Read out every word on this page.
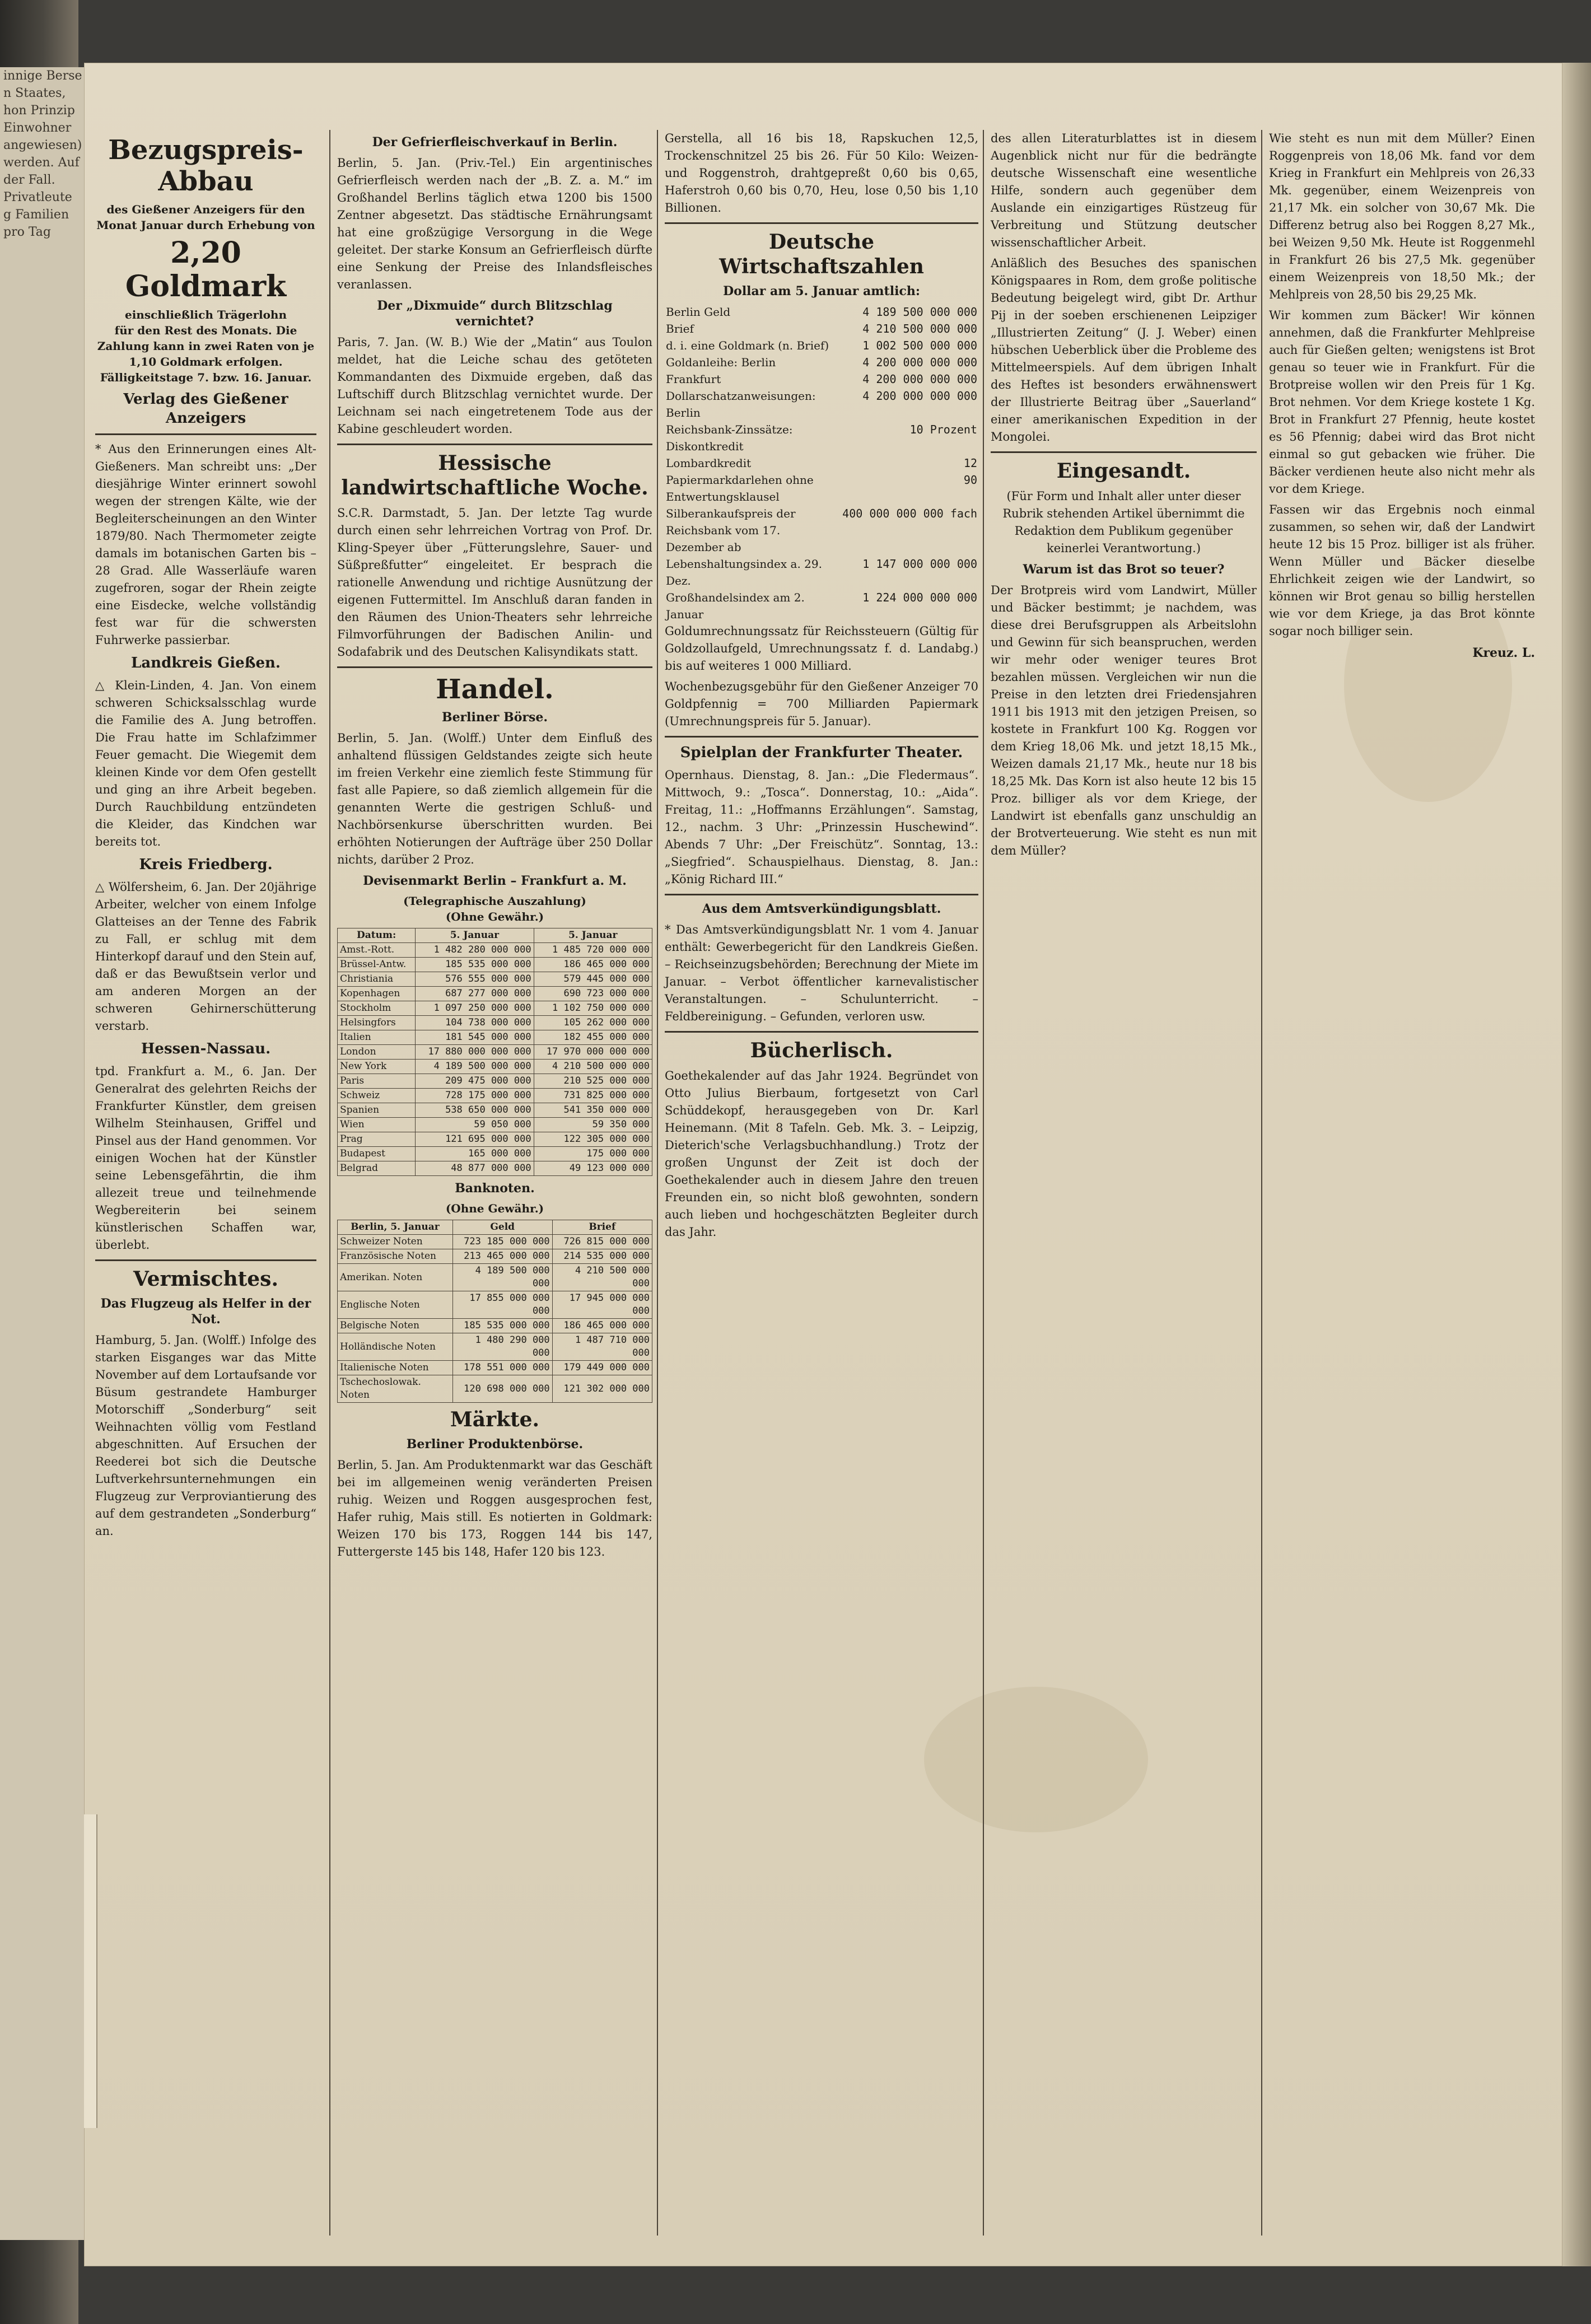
innige Berse
n Staates,
hon Prinzip
Einwohner
angewiesen)
werden. Auf
der Fall.
Privatleute
g Familien
pro Tag
Bezugspreis-Abbau
des Gießener Anzeigers für den Monat Januar durch Erhebung von
2,20 Goldmark
einschließlich Trägerlohn
für den Rest des Monats. Die Zahlung kann in zwei Raten von je 1,10 Goldmark erfolgen. Fälligkeitstage 7. bzw. 16. Januar.
Verlag des Gießener Anzeigers

* Aus den Erinnerungen eines Alt-Gießeners. Man schreibt uns: „Der diesjährige Winter erinnert sowohl wegen der strengen Kälte, wie der Begleiterscheinungen an den Winter 1879/80. Nach Thermometer zeigte damals im botanischen Garten bis – 28 Grad. Alle Wasserläufe waren zugefroren, sogar der Rhein zeigte eine Eisdecke, welche vollständig fest war für die schwersten Fuhrwerke passierbar.

Landkreis Gießen.

△ Klein-Linden, 4. Jan. Von einem schweren Schicksalsschlag wurde die Familie des A. Jung betroffen. Die Frau hatte im Schlafzimmer Feuer gemacht. Die Wiegemit dem kleinen Kinde vor dem Ofen gestellt und ging an ihre Arbeit begeben. Durch Rauchbildung entzündeten die Kleider, das Kindchen war bereits tot.

Kreis Friedberg.

△ Wölfersheim, 6. Jan. Der 20jährige Arbeiter, welcher von einem Infolge Glatteises an der Tenne des Fabrik zu Fall, er schlug mit dem Hinterkopf darauf und den Stein auf, daß er das Bewußtsein verlor und am anderen Morgen an der schweren Gehirnerschütterung verstarb.

Hessen-Nassau.

tpd. Frankfurt a. M., 6. Jan. Der Generalrat des gelehrten Reichs der Frankfurter Künstler, dem greisen Wilhelm Steinhausen, Griffel und Pinsel aus der Hand genommen. Vor einigen Wochen hat der Künstler seine Lebensgefährtin, die ihm allezeit treue und teilnehmende Wegbereiterin bei seinem künstlerischen Schaffen war, überlebt.

Vermischtes.
Das Flugzeug als Helfer in der Not.

Hamburg, 5. Jan. (Wolff.) Infolge des starken Eisganges war das Mitte November auf dem Lortaufsande vor Büsum gestrandete Hamburger Motorschiff „Sonderburg“ seit Weihnachten völlig vom Festland abgeschnitten. Auf Ersuchen der Reederei bot sich die Deutsche Luftverkehrsunternehmungen ein Flugzeug zur Verproviantierung des auf dem gestrandeten „Sonderburg“ an.

Der Gefrierfleischverkauf in Berlin.

Berlin, 5. Jan. (Priv.-Tel.) Ein argentinisches Gefrierfleisch werden nach der „B. Z. a. M.“ im Großhandel Berlins täglich etwa 1200 bis 1500 Zentner abgesetzt. Das städtische Ernährungsamt hat eine großzügige Versorgung in die Wege geleitet. Der starke Konsum an Gefrierfleisch dürfte eine Senkung der Preise des Inlandsfleisches veranlassen.

Der „Dixmuide“ durch Blitzschlag vernichtet?

Paris, 7. Jan. (W. B.) Wie der „Matin“ aus Toulon meldet, hat die Leiche schau des getöteten Kommandanten des Dixmuide ergeben, daß das Luftschiff durch Blitzschlag vernichtet wurde. Der Leichnam sei nach eingetretenem Tode aus der Kabine geschleudert worden.

Hessische landwirtschaftliche Woche.

S.C.R. Darmstadt, 5. Jan. Der letzte Tag wurde durch einen sehr lehrreichen Vortrag von Prof. Dr. Kling-Speyer über „Fütterungslehre, Sauer- und Süßpreßfutter“ eingeleitet. Er besprach die rationelle Anwendung und richtige Ausnützung der eigenen Futtermittel. Im Anschluß daran fanden in den Räumen des Union-Theaters sehr lehrreiche Filmvorführungen der Badischen Anilin- und Sodafabrik und des Deutschen Kalisyndikats statt.

Handel.
Berliner Börse.

Berlin, 5. Jan. (Wolff.) Unter dem Einfluß des anhaltend flüssigen Geldstandes zeigte sich heute im freien Verkehr eine ziemlich feste Stimmung für fast alle Papiere, so daß ziemlich allgemein für die genannten Werte die gestrigen Schluß- und Nachbörsenkurse überschritten wurden. Bei erhöhten Notierungen der Aufträge über 250 Dollar nichts, darüber 2 Proz.

Devisenmarkt Berlin – Frankfurt a. M.
(Telegraphische Auszahlung)
(Ohne Gewähr.)
Datum:	5. Januar	5. Januar
Amst.-Rott.	1 482 280 000 000	1 485 720 000 000
Brüssel-Antw.	185 535 000 000	186 465 000 000
Christiania	576 555 000 000	579 445 000 000
Kopenhagen	687 277 000 000	690 723 000 000
Stockholm	1 097 250 000 000	1 102 750 000 000
Helsingfors	104 738 000 000	105 262 000 000
Italien	181 545 000 000	182 455 000 000
London	17 880 000 000 000	17 970 000 000 000
New York	4 189 500 000 000	4 210 500 000 000
Paris	209 475 000 000	210 525 000 000
Schweiz	728 175 000 000	731 825 000 000
Spanien	538 650 000 000	541 350 000 000
Wien	59 050 000	59 350 000
Prag	121 695 000 000	122 305 000 000
Budapest	165 000 000	175 000 000
Belgrad	48 877 000 000	49 123 000 000
Banknoten.
(Ohne Gewähr.)
Berlin, 5. Januar	Geld	Brief
Schweizer Noten	723 185 000 000	726 815 000 000
Französische Noten	213 465 000 000	214 535 000 000
Amerikan. Noten	4 189 500 000 000	4 210 500 000 000
Englische Noten	17 855 000 000 000	17 945 000 000 000
Belgische Noten	185 535 000 000	186 465 000 000
Holländische Noten	1 480 290 000 000	1 487 710 000 000
Italienische Noten	178 551 000 000	179 449 000 000
Tschechoslowak. Noten	120 698 000 000	121 302 000 000
Märkte.
Berliner Produktenbörse.

Berlin, 5. Jan. Am Produktenmarkt war das Geschäft bei im allgemeinen wenig veränderten Preisen ruhig. Weizen und Roggen ausgesprochen fest, Hafer ruhig, Mais still. Es notierten in Goldmark: Weizen 170 bis 173, Roggen 144 bis 147, Futtergerste 145 bis 148, Hafer 120 bis 123.

Gerstella, all 16 bis 18, Rapskuchen 12,5, Trockenschnitzel 25 bis 26. Für 50 Kilo: Weizen- und Roggenstroh, drahtgepreßt 0,60 bis 0,65, Haferstroh 0,60 bis 0,70, Heu, lose 0,50 bis 1,10 Billionen.

Deutsche Wirtschaftszahlen
Dollar am 5. Januar amtlich:
Berlin Geld	4 189 500 000 000
Brief	4 210 500 000 000
d. i. eine Goldmark (n. Brief)	1 002 500 000 000
Goldanleihe: Berlin	4 200 000 000 000
Frankfurt	4 200 000 000 000
Dollarschatzanweisungen: Berlin	4 200 000 000 000
Reichsbank-Zinssätze: Diskontkredit	10 Prozent
Lombardkredit	12
Papiermarkdarlehen ohne Entwertungsklausel	90
Silberankaufspreis der Reichsbank vom 17. Dezember ab	400 000 000 000 fach
Lebenshaltungsindex a. 29. Dez.	1 147 000 000 000
Großhandelsindex am 2. Januar	1 224 000 000 000

Goldumrechnungssatz für Reichssteuern (Gültig für Goldzollaufgeld, Umrechnungssatz f. d. Landabg.) bis auf weiteres 1 000 Milliard.

Wochenbezugsgebühr für den Gießener Anzeiger 70 Goldpfennig = 700 Milliarden Papiermark (Umrechnungspreis für 5. Januar).

Spielplan der Frankfurter Theater.

Opernhaus. Dienstag, 8. Jan.: „Die Fledermaus“. Mittwoch, 9.: „Tosca“. Donnerstag, 10.: „Aida“. Freitag, 11.: „Hoffmanns Erzählungen“. Samstag, 12., nachm. 3 Uhr: „Prinzessin Huschewind“. Abends 7 Uhr: „Der Freischütz“. Sonntag, 13.: „Siegfried“. Schauspielhaus. Dienstag, 8. Jan.: „König Richard III.“

Aus dem Amtsverkündigungsblatt.

* Das Amtsverkündigungsblatt Nr. 1 vom 4. Januar enthält: Gewerbegericht für den Landkreis Gießen. – Reichseinzugsbehörden; Berechnung der Miete im Januar. – Verbot öffentlicher karnevalistischer Veranstaltungen. – Schulunterricht. – Feldbereinigung. – Gefunden, verloren usw.

Bücherlisch.

Goethekalender auf das Jahr 1924. Begründet von Otto Julius Bierbaum, fortgesetzt von Carl Schüddekopf, herausgegeben von Dr. Karl Heinemann. (Mit 8 Tafeln. Geb. Mk. 3. – Leipzig, Dieterich'sche Verlagsbuchhandlung.) Trotz der großen Ungunst der Zeit ist doch der Goethekalender auch in diesem Jahre den treuen Freunden ein, so nicht bloß gewohnten, sondern auch lieben und hochgeschätzten Begleiter durch das Jahr.

des allen Literaturblattes ist in diesem Augenblick nicht nur für die bedrängte deutsche Wissenschaft eine wesentliche Hilfe, sondern auch gegenüber dem Auslande ein einzigartiges Rüstzeug für Verbreitung und Stützung deutscher wissenschaftlicher Arbeit.

Anläßlich des Besuches des spanischen Königspaares in Rom, dem große politische Bedeutung beigelegt wird, gibt Dr. Arthur Pij in der soeben erschienenen Leipziger „Illustrierten Zeitung“ (J. J. Weber) einen hübschen Ueberblick über die Probleme des Mittelmeerspiels. Auf dem übrigen Inhalt des Heftes ist besonders erwähnenswert der Illustrierte Beitrag über „Sauerland“ einer amerikanischen Expedition in der Mongolei.

Eingesandt.

(Für Form und Inhalt aller unter dieser Rubrik stehenden Artikel übernimmt die Redaktion dem Publikum gegenüber keinerlei Verantwortung.)

Warum ist das Brot so teuer?

Der Brotpreis wird vom Landwirt, Müller und Bäcker bestimmt; je nachdem, was diese drei Berufsgruppen als Arbeitslohn und Gewinn für sich beanspruchen, werden wir mehr oder weniger teures Brot bezahlen müssen. Vergleichen wir nun die Preise in den letzten drei Friedensjahren 1911 bis 1913 mit den jetzigen Preisen, so kostete in Frankfurt 100 Kg. Roggen vor dem Krieg 18,06 Mk. und jetzt 18,15 Mk., Weizen damals 21,17 Mk., heute nur 18 bis 18,25 Mk. Das Korn ist also heute 12 bis 15 Proz. billiger als vor dem Kriege, der Landwirt ist ebenfalls ganz unschuldig an der Brotverteuerung. Wie steht es nun mit dem Müller?

Wie steht es nun mit dem Müller? Einen Roggenpreis von 18,06 Mk. fand vor dem Krieg in Frankfurt ein Mehlpreis von 26,33 Mk. gegenüber, einem Weizenpreis von 21,17 Mk. ein solcher von 30,67 Mk. Die Differenz betrug also bei Roggen 8,27 Mk., bei Weizen 9,50 Mk. Heute ist Roggenmehl in Frankfurt 26 bis 27,5 Mk. gegenüber einem Weizenpreis von 18,50 Mk.; der Mehlpreis von 28,50 bis 29,25 Mk.

Wir kommen zum Bäcker! Wir können annehmen, daß die Frankfurter Mehlpreise auch für Gießen gelten; wenigstens ist Brot genau so teuer wie in Frankfurt. Für die Brotpreise wollen wir den Preis für 1 Kg. Brot nehmen. Vor dem Kriege kostete 1 Kg. Brot in Frankfurt 27 Pfennig, heute kostet es 56 Pfennig; dabei wird das Brot nicht einmal so gut gebacken wie früher. Die Bäcker verdienen heute also nicht mehr als vor dem Kriege.

Fassen wir das Ergebnis noch einmal zusammen, so sehen wir, daß der Landwirt heute 12 bis 15 Proz. billiger ist als früher. Wenn Müller und Bäcker dieselbe Ehrlichkeit zeigen wie der Landwirt, so können wir Brot genau so billig herstellen wie vor dem Kriege, ja das Brot könnte sogar noch billiger sein.

Kreuz. L.
